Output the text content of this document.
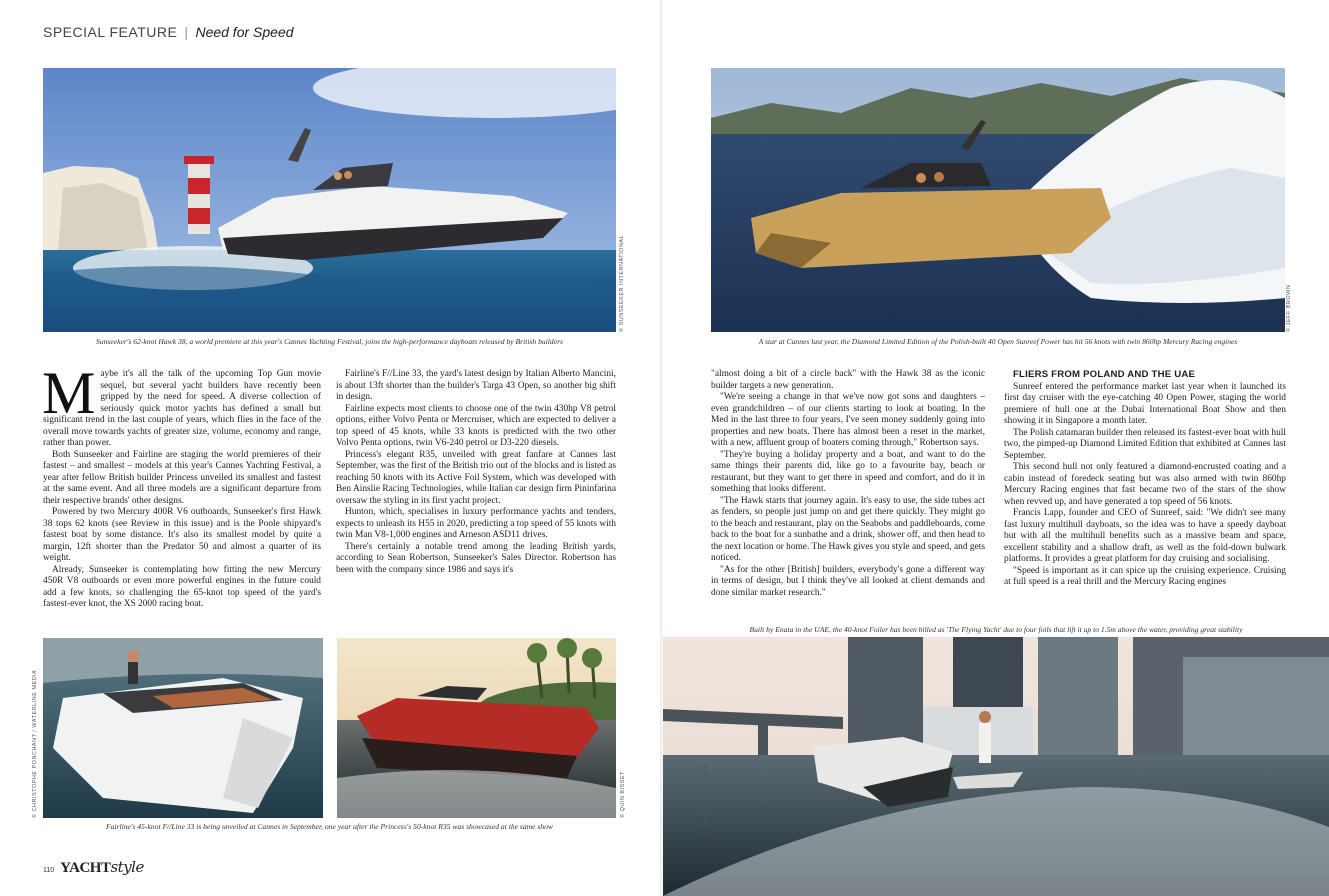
SPECIAL FEATURE | Need for Speed
© SUNSEEKER INTERNATIONAL
Sunseeker's 62-knot Hawk 38, a world premiere at this year's Cannes Yachting Festival, joins the high-performance dayboats released by British builders

Maybe it's all the talk of the upcoming Top Gun movie sequel, but several yacht builders have recently been gripped by the need for speed. A diverse collection of seriously quick motor yachts has defined a small but significant trend in the last couple of years, which flies in the face of the overall move towards yachts of greater size, volume, economy and range, rather than power.

Both Sunseeker and Fairline are staging the world premieres of their fastest – and smallest – models at this year's Cannes Yachting Festival, a year after fellow British builder Princess unveiled its smallest and fastest at the same event. And all three models are a significant departure from their respective brands' other designs.

Powered by two Mercury 400R V6 outboards, Sunseeker's first Hawk 38 tops 62 knots (see Review in this issue) and is the Poole shipyard's fastest boat by some distance. It's also its smallest model by quite a margin, 12ft shorter than the Predator 50 and almost a quarter of its weight.

Already, Sunseeker is contemplating how fitting the new Mercury 450R V8 outboards or even more powerful engines in the future could add a few knots, so challenging the 65-knot top speed of the yard's fastest-ever knot, the XS 2000 racing boat.

Fairline's F//Line 33, the yard's latest design by Italian Alberto Mancini, is about 13ft shorter than the builder's Targa 43 Open, so another big shift in design.

Fairline expects most clients to choose one of the twin 430hp V8 petrol options, either Volvo Penta or Mercruiser, which are expected to deliver a top speed of 45 knots, while 33 knots is predicted with the two other Volvo Penta options, twin V6-240 petrol or D3-220 diesels.

Princess's elegant R35, unveiled with great fanfare at Cannes last September, was the first of the British trio out of the blocks and is listed as reaching 50 knots with its Active Foil System, which was developed with Ben Ainslie Racing Technologies, while Italian car design firm Pininfarina oversaw the styling in its first yacht project.

Hunton, which, specialises in luxury performance yachts and tenders, expects to unleash its H55 in 2020, predicting a top speed of 55 knots with twin Man V8-1,000 engines and Arneson ASD11 drives.

There's certainly a notable trend among the leading British yards, according to Sean Robertson, Sunseeker's Sales Director. Robertson has been with the company since 1986 and says it's

© CHRISTOPHE PONCHANT / WATERLINE MEDIA	© QUIN BISSET
Fairline's 45-knot F//Line 33 is being unveiled at Cannes in September, one year after the Princess's 50-knot R35 was showcased at the same show
110 YACHTstyle
© JEFF BROWN
A star at Cannes last year, the Diamond Limited Edition of the Polish-built 40 Open Sunreef Power has hit 56 knots with twin 860hp Mercury Racing engines

"almost doing a bit of a circle back" with the Hawk 38 as the iconic builder targets a new generation.

"We're seeing a change in that we've now got sons and daughters – even grandchildren – of our clients starting to look at boating. In the Med in the last three to four years, I've seen money suddenly going into properties and new boats. There has almost been a reset in the market, with a new, affluent group of boaters coming through," Robertson says.

"They're buying a holiday property and a boat, and want to do the same things their parents did, like go to a favourite bay, beach or restaurant, but they want to get there in speed and comfort, and do it in something that looks different.

"The Hawk starts that journey again. It's easy to use, the side tubes act as fenders, so people just jump on and get there quickly. They might go to the beach and restaurant, play on the Seabobs and paddleboards, come back to the boat for a sunbathe and a drink, shower off, and then head to the next location or home. The Hawk gives you style and speed, and gets noticed.

"As for the other [British] builders, everybody's gone a different way in terms of design, but I think they've all looked at client demands and done similar market research."

FLIERS FROM POLAND AND THE UAE

Sunreef entered the performance market last year when it launched its first day cruiser with the eye-catching 40 Open Power, staging the world premiere of hull one at the Dubai International Boat Show and then showing it in Singapore a month later.

The Polish catamaran builder then released its fastest-ever boat with hull two, the pimped-up Diamond Limited Edition that exhibited at Cannes last September.

This second hull not only featured a diamond-encrusted coating and a cabin instead of foredeck seating but was also armed with twin 860hp Mercury Racing engines that fast became two of the stars of the show when revved up, and have generated a top speed of 56 knots.

Francis Lapp, founder and CEO of Sunreef, said: "We didn't see many fast luxury multihull dayboats, so the idea was to have a speedy dayboat but with all the multihull benefits such as a massive beam and space, excellent stability and a shallow draft, as well as the fold-down bulwark platforms. It provides a great platform for day cruising and socialising.

"Speed is important as it can spice up the cruising experience. Cruising at full speed is a real thrill and the Mercury Racing engines

Built by Enata in the UAE, the 40-knot Foiler has been billed as 'The Flying Yacht' due to four foils that lift it up to 1.5m above the water, providing great stability
© GUILLAUME PLISSON
